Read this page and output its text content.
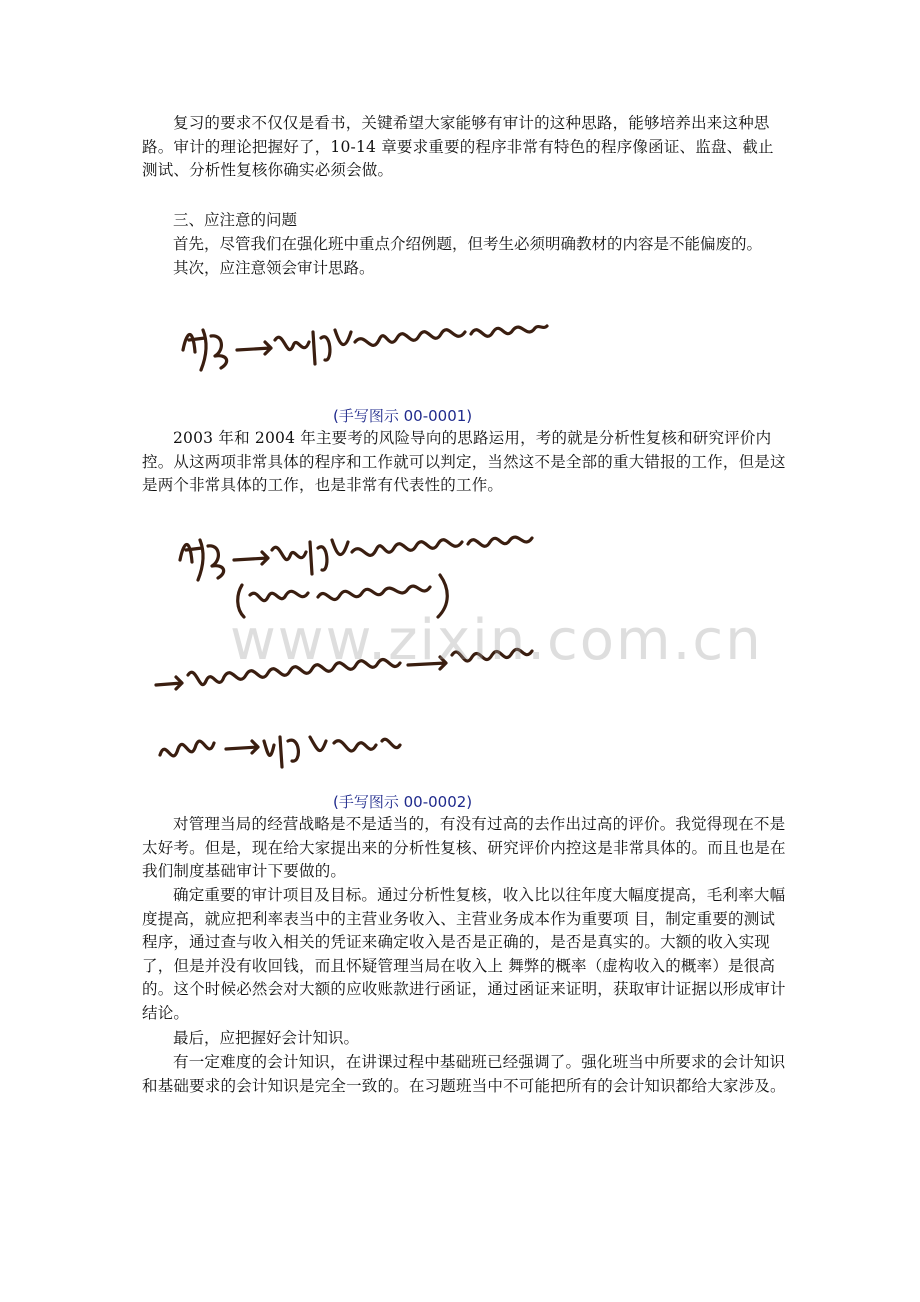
复习的要求不仅仅是看书，关键希望大家能够有审计的这种思路，能够培养出来这种思路。审计的理论把握好了，10-14 章要求重要的程序非常有特色的程序像函证、监盘、截止测试、分析性复核你确实必须会做。

三、应注意的问题

首先，尽管我们在强化班中重点介绍例题，但考生必须明确教材的内容是不能偏废的。

其次，应注意领会审计思路。

(手写图示 00-0001)

2003 年和 2004 年主要考的风险导向的思路运用，考的就是分析性复核和研究评价内控。从这两项非常具体的程序和工作就可以判定，当然这不是全部的重大错报的工作，但是这是两个非常具体的工作，也是非常有代表性的工作。

www.zixin.com.cn

(手写图示 00-0002)

对管理当局的经营战略是不是适当的，有没有过高的去作出过高的评价。我觉得现在不是太好考。但是，现在给大家提出来的分析性复核、研究评价内控这是非常具体的。而且也是在我们制度基础审计下要做的。

确定重要的审计项目及目标。通过分析性复核，收入比以往年度大幅度提高，毛利率大幅度提高，就应把利率表当中的主营业务收入、主营业务成本作为重要项 目，制定重要的测试程序，通过查与收入相关的凭证来确定收入是否是正确的，是否是真实的。大额的收入实现了，但是并没有收回钱，而且怀疑管理当局在收入上 舞弊的概率（虚构收入的概率）是很高的。这个时候必然会对大额的应收账款进行函证，通过函证来证明，获取审计证据以形成审计结论。

最后，应把握好会计知识。

有一定难度的会计知识，在讲课过程中基础班已经强调了。强化班当中所要求的会计知识和基础要求的会计知识是完全一致的。在习题班当中不可能把所有的会计知识都给大家涉及。
